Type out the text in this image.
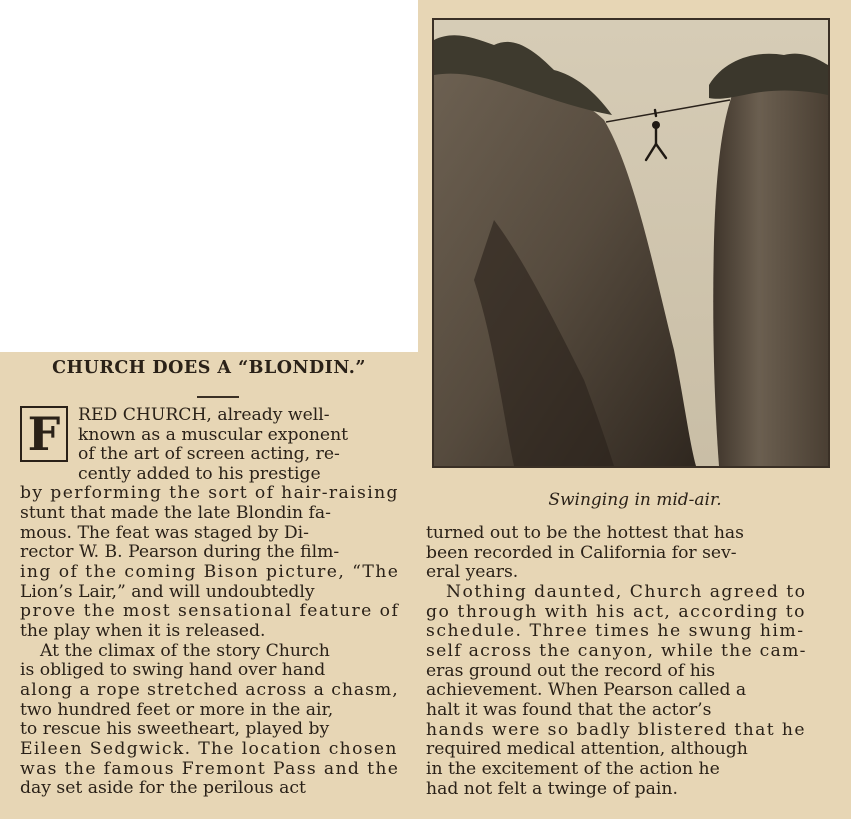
CHURCH DOES A “BLONDIN.”
F RED CHURCH, already well-
known as a muscular exponent
of the art of screen acting, re-
cently added to his prestige
by performing the sort of hair-raising
stunt that made the late Blondin fa-
mous. The feat was staged by Di-
rector W. B. Pearson during the film-
ing of the coming Bison picture, “The
Lion’s Lair,” and will undoubtedly
prove the most sensational feature of
the play when it is released.
At the climax of the story Church
is obliged to swing hand over hand
along a rope stretched across a chasm,
two hundred feet or more in the air,
to rescue his sweetheart, played by
Eileen Sedgwick. The location chosen
was the famous Fremont Pass and the
day set aside for the perilous act
Swinging in mid-air.
turned out to be the hottest that has
been recorded in California for sev-
eral years.
Nothing daunted, Church agreed to
go through with his act, according to
schedule. Three times he swung him-
self across the canyon, while the cam-
eras ground out the record of his
achievement. When Pearson called a
halt it was found that the actor’s
hands were so badly blistered that he
required medical attention, although
in the excitement of the action he
had not felt a twinge of pain.
